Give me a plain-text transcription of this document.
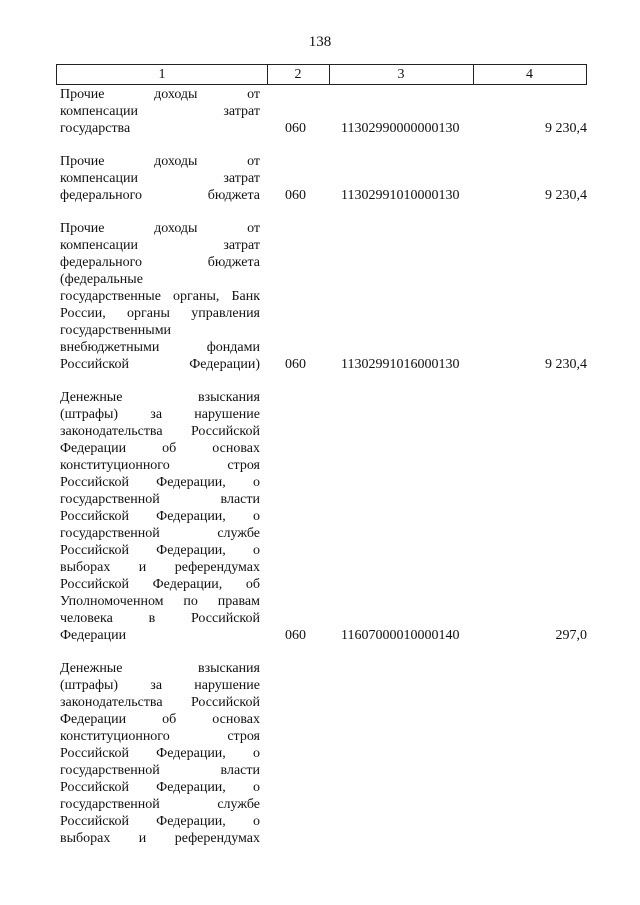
138
1	2	3	4
Прочие доходы от
компенсации затрат
государства	060	11302990000000130	9 230,4
Прочие доходы от
компенсации затрат
федерального бюджета 060	11302991010000130	9 230,4
Прочие доходы от
компенсации затрат
федерального бюджета
(федеральные
государственные органы, Банк
России, органы управления
государственными
внебюджетными фондами
Российской Федерации) 060	11302991016000130	9 230,4
Денежные взыскания
(штрафы) за нарушение
законодательства Российской
Федерации об основах
конституционного строя
Российской Федерации, о
государственной власти
Российской Федерации, о
государственной службе
Российской Федерации, о
выборах и референдумах
Российской Федерации, об
Уполномоченном по правам
человека в Российской
Федерации	060	11607000010000140	297,0
Денежные взыскания
(штрафы) за нарушение
законодательства Российской
Федерации об основах
конституционного строя
Российской Федерации, о
государственной власти
Российской Федерации, о
государственной службе
Российской Федерации, о
выборах и референдумах
